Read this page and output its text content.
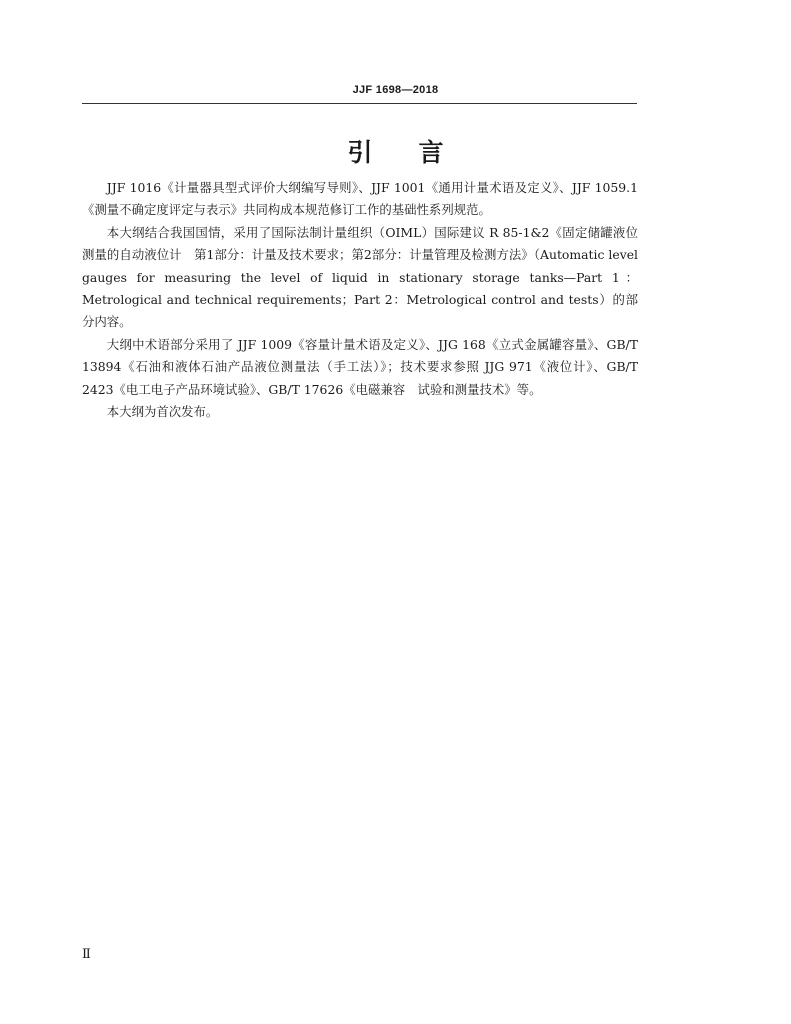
JJF 1698—2018
引言

JJF 1016《计量器具型式评价大纲编写导则》、JJF 1001《通用计量术语及定义》、JJF 1059.1《测量不确定度评定与表示》共同构成本规范修订工作的基础性系列规范。

本大纲结合我国国情，采用了国际法制计量组织（OIML）国际建议 R 85-1&2《固定储罐液位测量的自动液位计　第1部分：计量及技术要求；第2部分：计量管理及检测方法》（Automatic level gauges for measuring the level of liquid in stationary storage tanks—Part 1：Metrological and technical requirements；Part 2：Metrological control and tests）的部分内容。

大纲中术语部分采用了 JJF 1009《容量计量术语及定义》、JJG 168《立式金属罐容量》、GB/T 13894《石油和液体石油产品液位测量法（手工法）》；技术要求参照 JJG 971《液位计》、GB/T 2423《电工电子产品环境试验》、GB/T 17626《电磁兼容　试验和测量技术》等。

本大纲为首次发布。

Ⅱ
